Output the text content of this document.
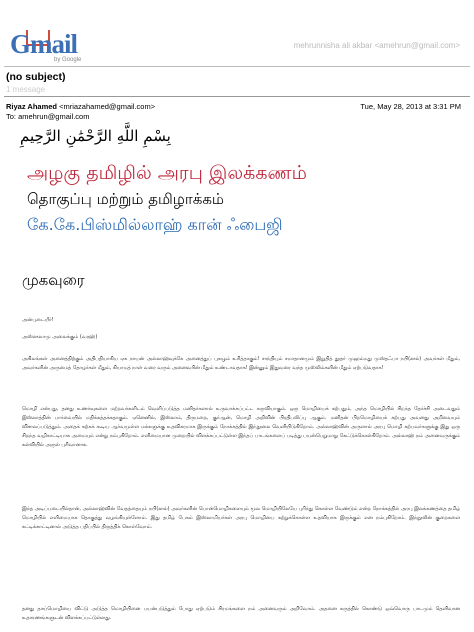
Gmail
by Google
mehrunnisha ali akbar <amehrun@gmail.com>
(no subject)
1 message
Riyaz Ahamed <mriazahamed@gmail.com>
To: amehrun@gmail.com
Tue, May 28, 2013 at 3:31 PM
بِسْمِ اللَّهِ الرَّحْمَٰنِ الرَّحِيمِ
அழகு தமிழில் அரபு இலக்கணம்
தொகுப்பு மற்றும் தமிழாக்கம்
கே.கே.பிஸ்மில்லாஹ் கான் ஃபைஜி
முகவுரை
அன்புடையீர்!
அஸ்ஸலாமு அலைக்கும் (வரஹ்)
அகிலங்கள் அனைத்திற்கும் அதிபதியாகிய ஏக நாயன் அல்லாஹ்வுக்கே அனைத்துப் புகழும் உரித்தாகும்! சாந்தியும் சமாதானமும் இறுதித் தூதர் முஹம்மது முஸ்தஃபா நபி(ஸல்) அவர்கள் மீதும், அவர்களின் அருமைத் தோழர்கள் மீதும், கியாமத் நாள் வரை வரும் அனைவரின் மீதும் உண்டாவதாக! இன்னும் இதுவரை வந்த முஸ்லிம்களின் மீதும் ஏற்படுவதாக!
மொழி என்பது, தனது உணர்வுகளை மற்றவர்களிடம் வெளிப்படுத்த மனிதர்களால் உருவாக்கப்பட்ட கருவியாகும். ஒரு மொழியைக் கற்பதும், அந்த மொழியில் சிறந்த தேர்ச்சி அடைவதும் இஸ்லாத்தின் பார்வையில் மதிக்கத்தக்கதாகும். ஏனெனில், இஸ்லாம், திருமறை, குர்ஆன், மொழி அறிவின் பிரதிபலிப்பு ஆகும். மனிதன் பிறமொழியைக் கற்பது அவனது அறிவையும் விசாலப்படுத்தும். அதைக் கற்கக் கூடிய ஆர்வமுள்ள மக்களுக்கு உதவிகரமாக இருக்கும் நோக்கத்தில் இந்நூலை வெளியிடுகிறோம். அல்லாஹ்வின் அருளால் அரபு மொழி கற்பவர்களுக்கு இது ஒரு சிறந்த வழிகாட்டியாக அமையும் என்று நம்புகிறோம். எளிமையான முறையில் விளக்கப்பட்டுள்ள இந்தப் பாடங்களைப் படித்து பயன்பெறுமாறு கேட்டுக்கொள்கிறோம். அல்லாஹ் நம் அனைவருக்கும் கல்வியில் அருள் புரிவானாக.
இந்த அடிப்படையில்தான், அல்லாஹ்வின் வேதத்தையும் நபி(ஸல்) அவர்களின் பொன்மொழிகளையும் மூல மொழியிலேயே புரிந்து கொள்ள வேண்டும் என்ற நோக்கத்தில் அரபு இலக்கணத்தை தமிழ் மொழியில் எளிமையாக தொகுத்து வழங்கியுள்ளோம். இது தமிழ் பேசும் இஸ்லாமியர்கள் அரபு மொழியை கற்றுக்கொள்ள உதவியாக இருக்கும் என நம்புகிறோம். இந்நூலின் குறைகளை சுட்டிக்காட்டினால் அடுத்த பதிப்பில் திருத்திக் கொள்வோம்.
தனது தாய்மொழியை விட்டு அடுத்த மொழியினை பயன்படுத்தும் போது ஏற்படும் சிரமங்களை நம் அனைவரும் அறிவோம். அதனை கருத்தில் கொண்டு ஒவ்வொரு பாடமும் தெளிவான உதாரணங்களுடன் விளக்கப்பட்டுள்ளது.
